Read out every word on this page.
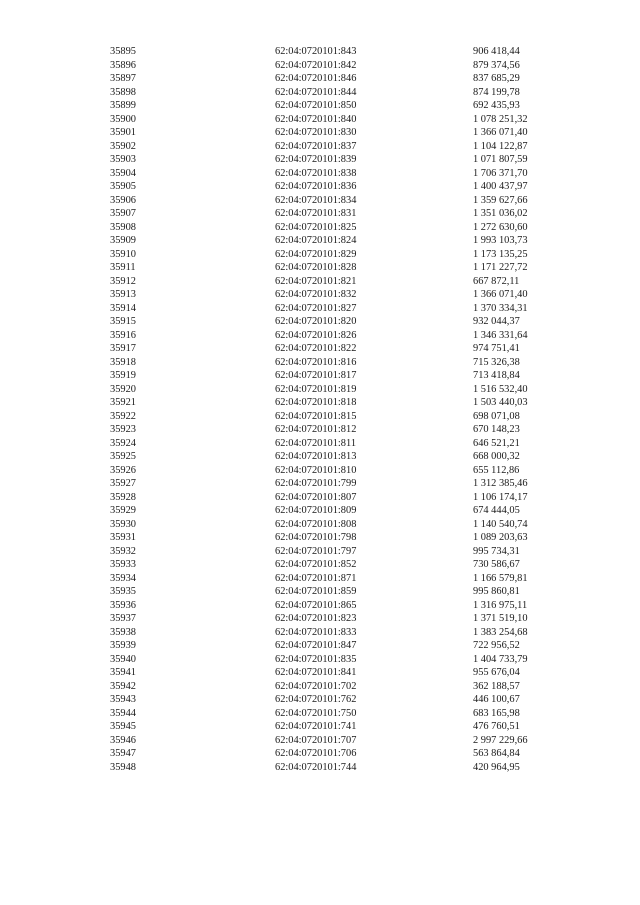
35895	62:04:0720101:843	906 418,44
35896	62:04:0720101:842	879 374,56
35897	62:04:0720101:846	837 685,29
35898	62:04:0720101:844	874 199,78
35899	62:04:0720101:850	692 435,93
35900	62:04:0720101:840	1 078 251,32
35901	62:04:0720101:830	1 366 071,40
35902	62:04:0720101:837	1 104 122,87
35903	62:04:0720101:839	1 071 807,59
35904	62:04:0720101:838	1 706 371,70
35905	62:04:0720101:836	1 400 437,97
35906	62:04:0720101:834	1 359 627,66
35907	62:04:0720101:831	1 351 036,02
35908	62:04:0720101:825	1 272 630,60
35909	62:04:0720101:824	1 993 103,73
35910	62:04:0720101:829	1 173 135,25
35911	62:04:0720101:828	1 171 227,72
35912	62:04:0720101:821	667 872,11
35913	62:04:0720101:832	1 366 071,40
35914	62:04:0720101:827	1 370 334,31
35915	62:04:0720101:820	932 044,37
35916	62:04:0720101:826	1 346 331,64
35917	62:04:0720101:822	974 751,41
35918	62:04:0720101:816	715 326,38
35919	62:04:0720101:817	713 418,84
35920	62:04:0720101:819	1 516 532,40
35921	62:04:0720101:818	1 503 440,03
35922	62:04:0720101:815	698 071,08
35923	62:04:0720101:812	670 148,23
35924	62:04:0720101:811	646 521,21
35925	62:04:0720101:813	668 000,32
35926	62:04:0720101:810	655 112,86
35927	62:04:0720101:799	1 312 385,46
35928	62:04:0720101:807	1 106 174,17
35929	62:04:0720101:809	674 444,05
35930	62:04:0720101:808	1 140 540,74
35931	62:04:0720101:798	1 089 203,63
35932	62:04:0720101:797	995 734,31
35933	62:04:0720101:852	730 586,67
35934	62:04:0720101:871	1 166 579,81
35935	62:04:0720101:859	995 860,81
35936	62:04:0720101:865	1 316 975,11
35937	62:04:0720101:823	1 371 519,10
35938	62:04:0720101:833	1 383 254,68
35939	62:04:0720101:847	722 956,52
35940	62:04:0720101:835	1 404 733,79
35941	62:04:0720101:841	955 676,04
35942	62:04:0720101:702	362 188,57
35943	62:04:0720101:762	446 100,67
35944	62:04:0720101:750	683 165,98
35945	62:04:0720101:741	476 760,51
35946	62:04:0720101:707	2 997 229,66
35947	62:04:0720101:706	563 864,84
35948	62:04:0720101:744	420 964,95
